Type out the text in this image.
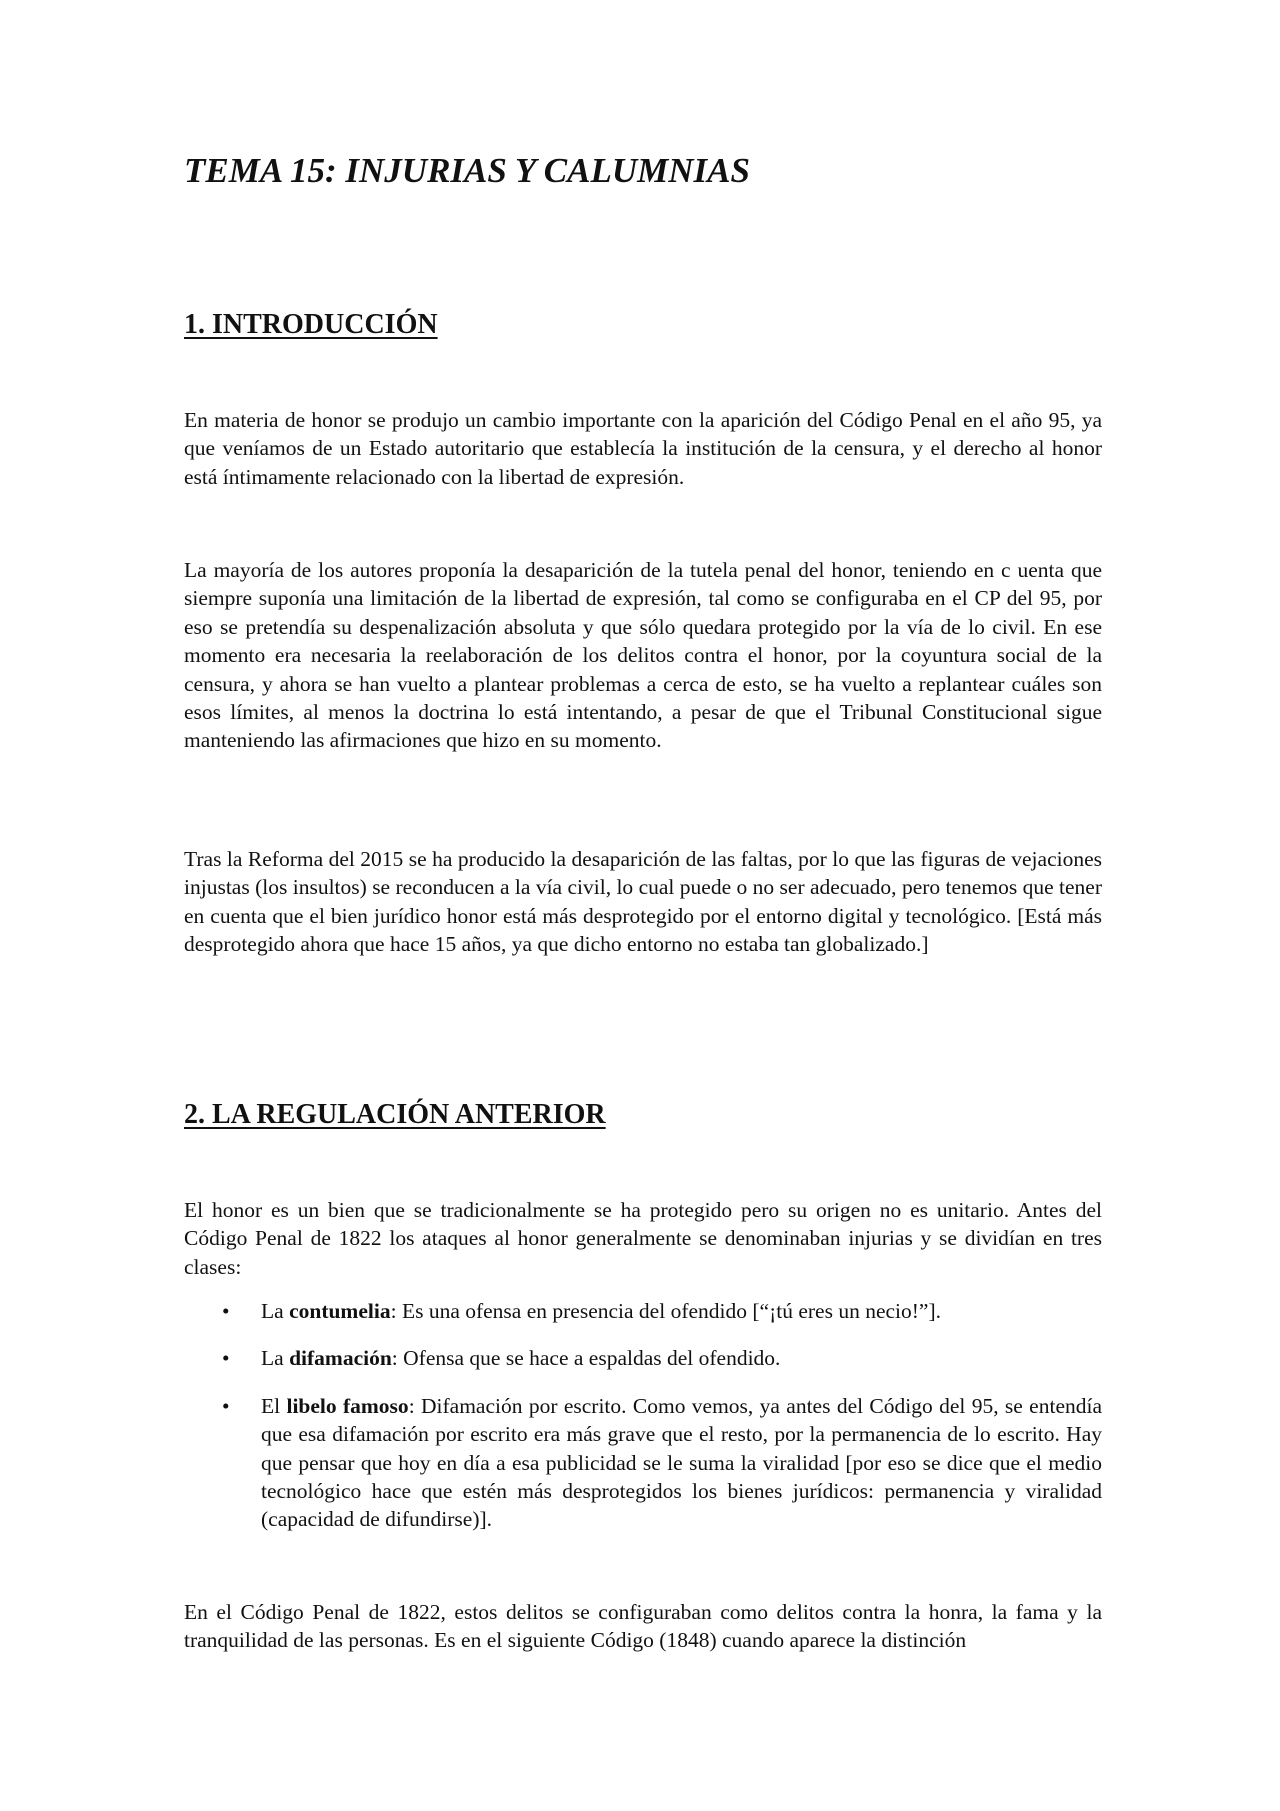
TEMA 15: INJURIAS Y CALUMNIAS
1. INTRODUCCIÓN

En materia de honor se produjo un cambio importante con la aparición del Código Penal en el año 95, ya que veníamos de un Estado autoritario que establecía la institución de la censura, y el derecho al honor está íntimamente relacionado con la libertad de expresión.

La mayoría de los autores proponía la desaparición de la tutela penal del honor, teniendo en c uenta que siempre suponía una limitación de la libertad de expresión, tal como se configuraba en el CP del 95, por eso se pretendía su despenalización absoluta y que sólo quedara protegido por la vía de lo civil. En ese momento era necesaria la reelaboración de los delitos contra el honor, por la coyuntura social de la censura, y ahora se han vuelto a plantear problemas a cerca de esto, se ha vuelto a replantear cuáles son esos límites, al menos la doctrina lo está intentando, a pesar de que el Tribunal Constitucional sigue manteniendo las afirmaciones que hizo en su momento.

Tras la Reforma del 2015 se ha producido la desaparición de las faltas, por lo que las figuras de vejaciones injustas (los insultos) se reconducen a la vía civil, lo cual puede o no ser adecuado, pero tenemos que tener en cuenta que el bien jurídico honor está más desprotegido por el entorno digital y tecnológico. [Está más desprotegido ahora que hace 15 años, ya que dicho entorno no estaba tan globalizado.]

2. LA REGULACIÓN ANTERIOR

El honor es un bien que se tradicionalmente se ha protegido pero su origen no es unitario. Antes del Código Penal de 1822 los ataques al honor generalmente se denominaban injurias y se dividían en tres clases:

• La contumelia: Es una ofensa en presencia del ofendido [“¡tú eres un necio!”].
• La difamación: Ofensa que se hace a espaldas del ofendido.
• El libelo famoso: Difamación por escrito. Como vemos, ya antes del Código del 95, se entendía que esa difamación por escrito era más grave que el resto, por la permanencia de lo escrito. Hay que pensar que hoy en día a esa publicidad se le suma la viralidad [por eso se dice que el medio tecnológico hace que estén más desprotegidos los bienes jurídicos: permanencia y viralidad (capacidad de difundirse)].

En el Código Penal de 1822, estos delitos se configuraban como delitos contra la honra, la fama y la tranquilidad de las personas. Es en el siguiente Código (1848) cuando aparece la distinción
